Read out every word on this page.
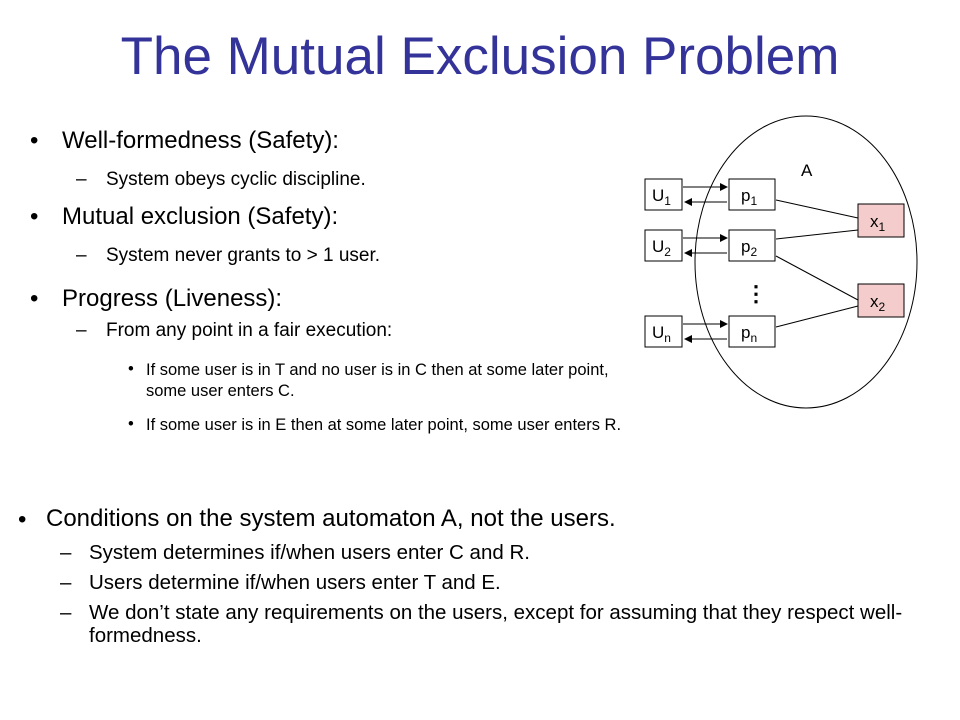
The Mutual Exclusion Problem
• Well-formedness (Safety):
– System obeys cyclic discipline.
• Mutual exclusion (Safety):
– System never grants to > 1 user.
• Progress (Liveness):
– From any point in a fair execution:
• If some user is in T and no user is in C then at some later point, some user enters C.
• If some user is in E then at some later point, some user enters R.
A
$U_1$
$U_2$
$U_n$
$p_1$
$p_2$
$p_n$
⋮
$x_1$
$x_2$
• Conditions on the system automaton A, not the users.
– System determines if/when users enter C and R.
– Users determine if/when users enter T and E.
– We don’t state any requirements on the users, except for assuming that they respect well-formedness.
